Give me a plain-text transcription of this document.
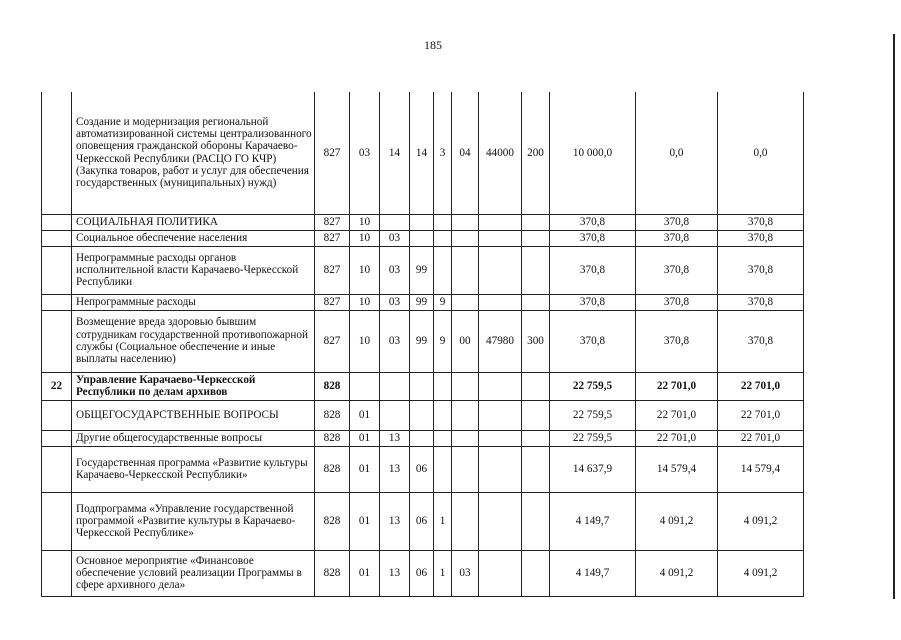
185
	Создание и модернизация региональной автоматизированной системы централизованного оповещения гражданской обороны Карачаево-Черкесской Республики (РАСЦО ГО КЧР) (Закупка товаров, работ и услуг для обеспечения государственных (муниципальных) нужд)	827	03	14	14	3	04	44000	200	10 000,0	0,0	0,0
	СОЦИАЛЬНАЯ ПОЛИТИКА	827	10							370,8	370,8	370,8
	Социальное обеспечение населения	827	10	03						370,8	370,8	370,8
	Непрограммные расходы органов исполнительной власти Карачаево-Черкесской Республики	827	10	03	99					370,8	370,8	370,8
	Непрограммные расходы	827	10	03	99	9				370,8	370,8	370,8
	Возмещение вреда здоровью бывшим сотрудникам государственной противопожарной службы (Социальное обеспечение и иные выплаты населению)	827	10	03	99	9	00	47980	300	370,8	370,8	370,8
22	Управление Карачаево-Черкесской Республики по делам архивов	828								22 759,5	22 701,0	22 701,0
	ОБЩЕГОСУДАРСТВЕННЫЕ ВОПРОСЫ	828	01							22 759,5	22 701,0	22 701,0
	Другие общегосударственные вопросы	828	01	13						22 759,5	22 701,0	22 701,0
	Государственная программа «Развитие культуры Карачаево-Черкесской Республики»	828	01	13	06					14 637,9	14 579,4	14 579,4
	Подпрограмма «Управление государственной программой «Развитие культуры в Карачаево-Черкесской Республике»	828	01	13	06	1				4 149,7	4 091,2	4 091,2
	Основное мероприятие «Финансовое обеспечение условий реализации Программы в сфере архивного дела»	828	01	13	06	1	03			4 149,7	4 091,2	4 091,2
